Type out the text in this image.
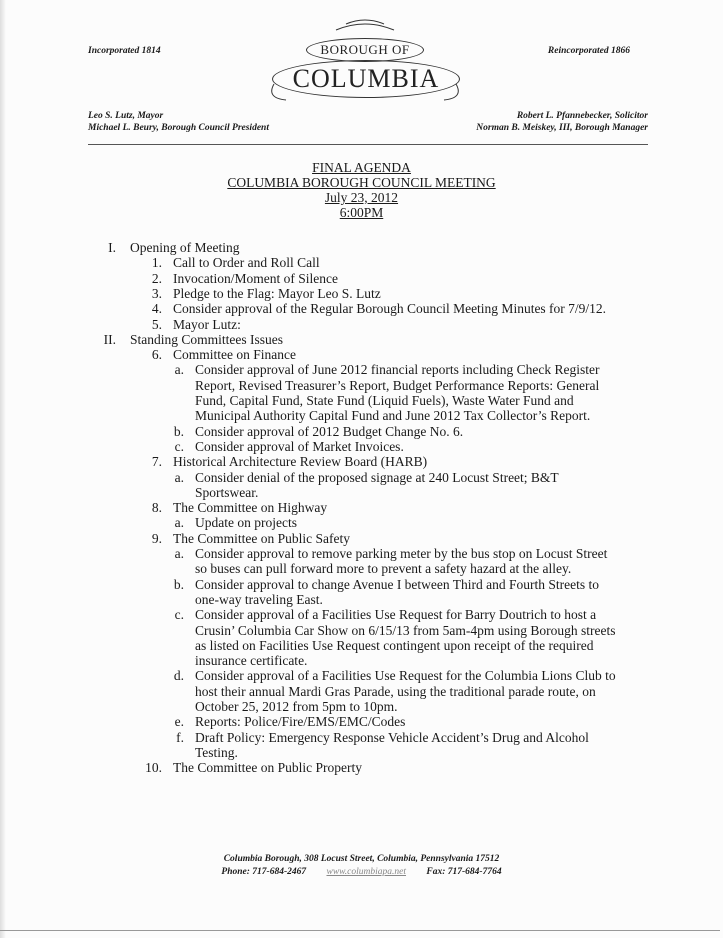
Incorporated 1814	Reincorporated 1866
BOROUGH OF
COLUMBIA
Leo S. Lutz, Mayor
Michael L. Beury, Borough Council President
Robert L. Pfannebecker, Solicitor
Norman B. Meiskey, III, Borough Manager
FINAL AGENDA
COLUMBIA BOROUGH COUNCIL MEETING
July 23, 2012
6:00PM
I. Opening of Meeting
1. Call to Order and Roll Call
2. Invocation/Moment of Silence
3. Pledge to the Flag: Mayor Leo S. Lutz
4. Consider approval of the Regular Borough Council Meeting Minutes for 7/9/12.
5. Mayor Lutz:
II. Standing Committees Issues
6. Committee on Finance
a. Consider approval of June 2012 financial reports including Check Register
Report, Revised Treasurer’s Report, Budget Performance Reports: General
Fund, Capital Fund, State Fund (Liquid Fuels), Waste Water Fund and
Municipal Authority Capital Fund and June 2012 Tax Collector’s Report.
b. Consider approval of 2012 Budget Change No. 6.
c. Consider approval of Market Invoices.
7. Historical Architecture Review Board (HARB)
a. Consider denial of the proposed signage at 240 Locust Street; B&T
Sportswear.
8. The Committee on Highway
a. Update on projects
9. The Committee on Public Safety
a. Consider approval to remove parking meter by the bus stop on Locust Street
so buses can pull forward more to prevent a safety hazard at the alley.
b. Consider approval to change Avenue I between Third and Fourth Streets to
one-way traveling East.
c. Consider approval of a Facilities Use Request for Barry Doutrich to host a
Crusin’ Columbia Car Show on 6/15/13 from 5am-4pm using Borough streets
as listed on Facilities Use Request contingent upon receipt of the required
insurance certificate.
d. Consider approval of a Facilities Use Request for the Columbia Lions Club to
host their annual Mardi Gras Parade, using the traditional parade route, on
October 25, 2012 from 5pm to 10pm.
e. Reports: Police/Fire/EMS/EMC/Codes
f. Draft Policy: Emergency Response Vehicle Accident’s Drug and Alcohol
Testing.
10. The Committee on Public Property
Columbia Borough, 308 Locust Street, Columbia, Pennsylvania 17512
Phone: 717-684-2467 www.columbiapa.net Fax: 717-684-7764
